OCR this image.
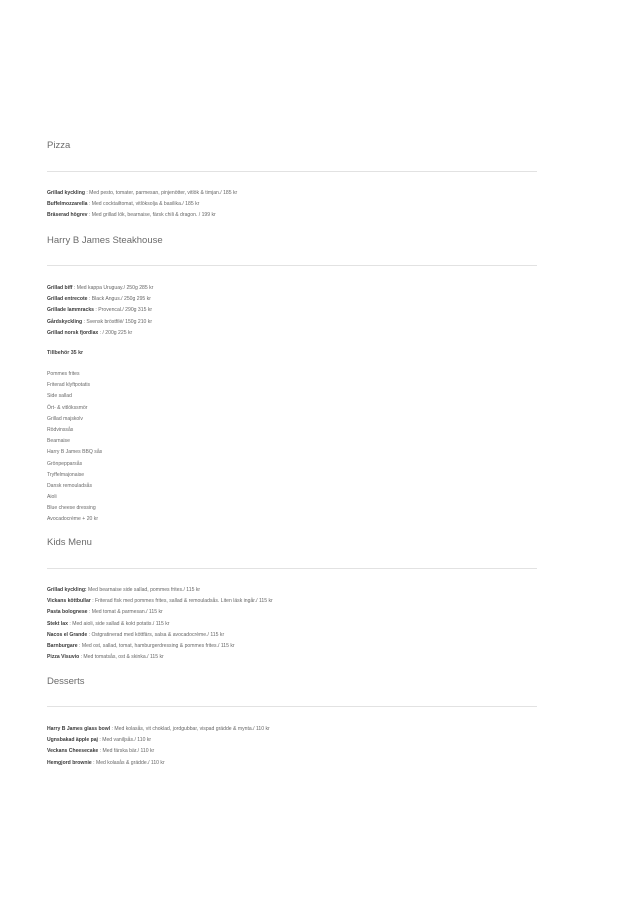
Pizza
Grillad kyckling : Med pesto, tomater, parmesan, pinjenötter, vitlök & timjan./ 185 kr
Buffelmozzarella : Med cocktailtomat, vitlöksolja & basilika./ 185 kr
Bräserad högrev : Med grillad lök, bearnaise, färsk chili & dragon. / 199 kr
Harry B James Steakhouse
Grillad biff : Med kappa Uruguay./ 250g 285 kr
Grillad entrecote : Black Angus./ 250g 295 kr
Grillade lammracks : Provencal./ 290g 315 kr
Gårdskyckling : Svensk bröstfilé/ 150g 210 kr
Grillad norsk fjordlax : / 200g 225 kr
Tillbehör 35 kr
Pommes frites
Friterad klyftpotatis
Side sallad
Ört- & vitlökssmör
Grillad majskolv
Rödvinssås
Bearnaise
Harry B James BBQ sås
Grönpepparsås
Tryffelmajonaise
Dansk remouladsås
Aioli
Blue cheese dressing
Avocadocrème + 20 kr
Kids Menu
Grillad kyckling: Med bearnaise side sallad, pommes frites./ 115 kr
Vickans köttbullar : Friterad fisk med pommes frites, sallad & remouladsås. Liten läsk ingår./ 115 kr
Pasta bolognese : Med tomat & parmesan./ 115 kr
Stekt lax : Med aioli, side sallad & kokt potatis./ 115 kr
Nacos el Grande : Ostgratinerad med köttfärs, salsa & avocadocrème./ 115 kr
Barnburgare : Med ost, sallad, tomat, hamburgerdressing & pommes frites./ 115 kr
Pizza Visuvio : Med tomatsås, ost & skinka./ 115 kr
Desserts
Harry B James glass bowl : Med kolasås, vit choklad, jordgubbar, vispad grädde & mynta./ 110 kr
Ugnsbakad äpple paj : Med vaniljsås./ 110 kr
Veckans Cheesecake : Med färska bär./ 110 kr
Hemgjord brownie : Med kolasås & grädde./ 110 kr
